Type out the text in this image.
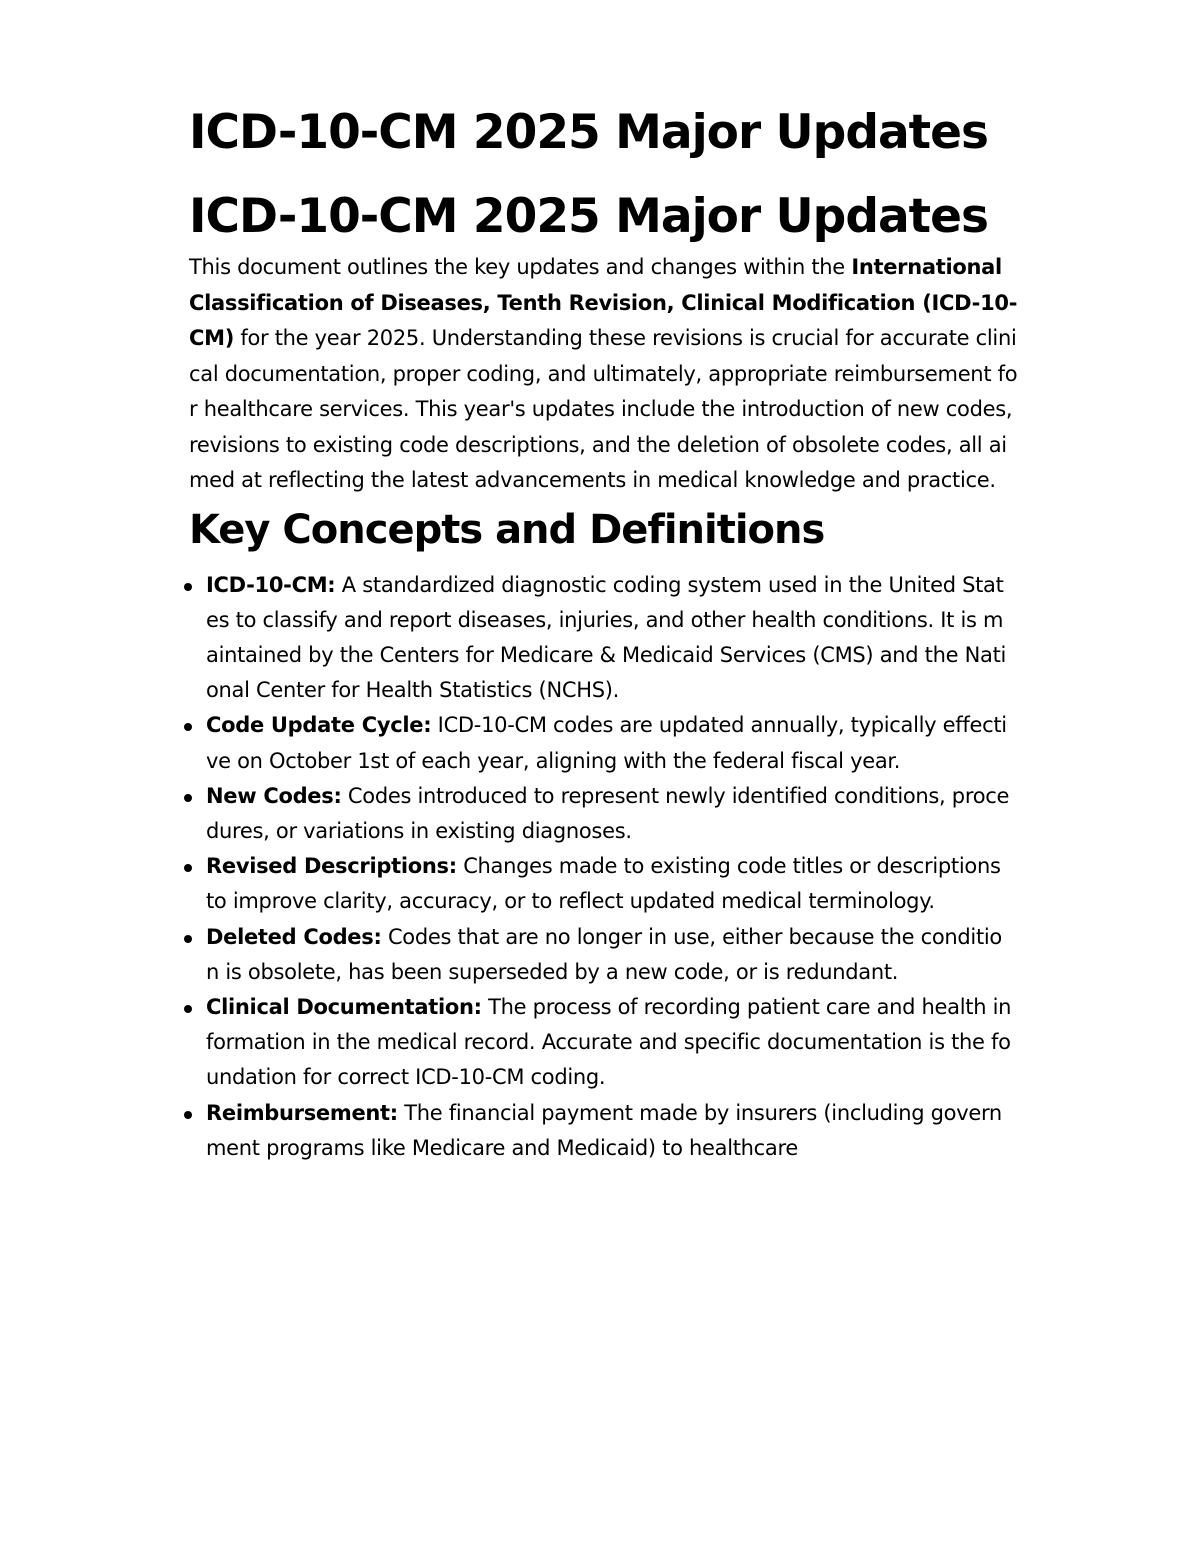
ICD-10-CM 2025 Major Updates
ICD-10-CM 2025 Major Updates

This document outlines the key updates and changes within the International Classification of Diseases, Tenth Revision, Clinical Modification (ICD-10-CM) for the year 2025. Understanding these revisions is crucial for accurate clinical documentation, proper coding, and ultimately, appropriate reimbursement for healthcare services. This year's updates include the introduction of new codes, revisions to existing code descriptions, and the deletion of obsolete codes, all aimed at reflecting the latest advancements in medical knowledge and practice.

Key Concepts and Definitions
ICD-10-CM: A standardized diagnostic coding system used in the United States to classify and report diseases, injuries, and other health conditions. It is maintained by the Centers for Medicare & Medicaid Services (CMS) and the National Center for Health Statistics (NCHS).
Code Update Cycle: ICD-10-CM codes are updated annually, typically effective on October 1st of each year, aligning with the federal fiscal year.
New Codes: Codes introduced to represent newly identified conditions, procedures, or variations in existing diagnoses.
Revised Descriptions: Changes made to existing code titles or descriptions to improve clarity, accuracy, or to reflect updated medical terminology.
Deleted Codes: Codes that are no longer in use, either because the condition is obsolete, has been superseded by a new code, or is redundant.
Clinical Documentation: The process of recording patient care and health information in the medical record. Accurate and specific documentation is the foundation for correct ICD-10-CM coding.
Reimbursement: The financial payment made by insurers (including government programs like Medicare and Medicaid) to healthcare
